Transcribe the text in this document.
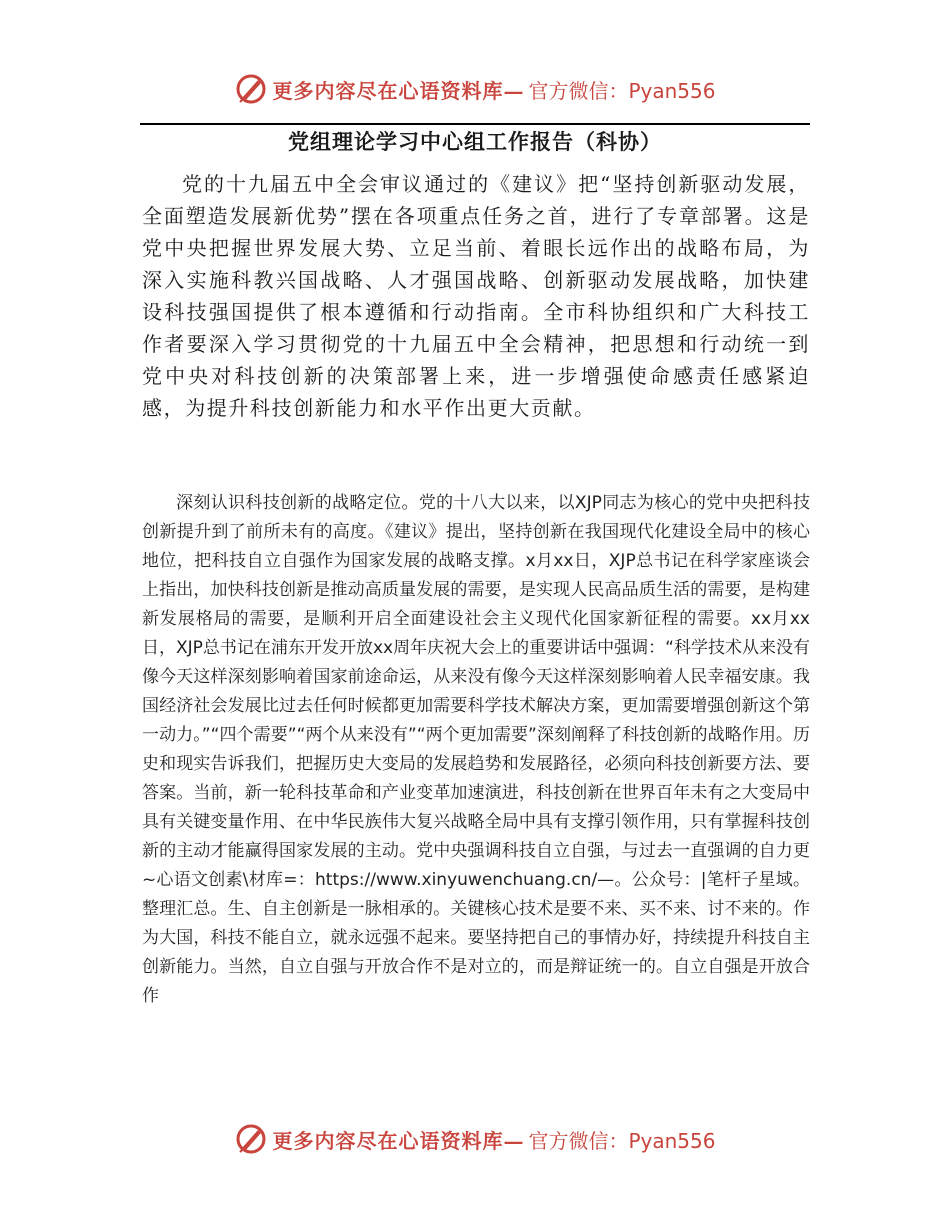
更多内容尽在心语资料库— 官方微信：Pyan556
党组理论学习中心组工作报告（科协）

党的十九届五中全会审议通过的《建议》把“坚持创新驱动发展，全面塑造发展新优势”摆在各项重点任务之首，进行了专章部署。这是党中央把握世界发展大势、立足当前、着眼长远作出的战略布局，为深入实施科教兴国战略、人才强国战略、创新驱动发展战略，加快建设科技强国提供了根本遵循和行动指南。全市科协组织和广大科技工作者要深入学习贯彻党的十九届五中全会精神，把思想和行动统一到党中央对科技创新的决策部署上来，进一步增强使命感责任感紧迫感，为提升科技创新能力和水平作出更大贡献。

深刻认识科技创新的战略定位。党的十八大以来，以XJP同志为核心的党中央把科技创新提升到了前所未有的高度。《建议》提出，坚持创新在我国现代化建设全局中的核心地位，把科技自立自强作为国家发展的战略支撑。x月xx日，XJP总书记在科学家座谈会上指出，加快科技创新是推动高质量发展的需要，是实现人民高品质生活的需要，是构建新发展格局的需要，是顺利开启全面建设社会主义现代化国家新征程的需要。xx月xx日，XJP总书记在浦东开发开放xx周年庆祝大会上的重要讲话中强调：“科学技术从来没有像今天这样深刻影响着国家前途命运，从来没有像今天这样深刻影响着人民幸福安康。我国经济社会发展比过去任何时候都更加需要科学技术解决方案，更加需要增强创新这个第一动力。”“四个需要”“两个从来没有”“两个更加需要”深刻阐释了科技创新的战略作用。历史和现实告诉我们，把握历史大变局的发展趋势和发展路径，必须向科技创新要方法、要答案。当前，新一轮科技革命和产业变革加速演进，科技创新在世界百年未有之大变局中具有关键变量作用、在中华民族伟大复兴战略全局中具有支撑引领作用，只有掌握科技创新的主动才能赢得国家发展的主动。党中央强调科技自立自强，与过去一直强调的自力更~心语文创素\材库=：https://www.xinyuwenchuang.cn/—。公众号：|笔杆子星域。整理汇总。生、自主创新是一脉相承的。关键核心技术是要不来、买不来、讨不来的。作为大国，科技不能自立，就永远强不起来。要坚持把自己的事情办好，持续提升科技自主创新能力。当然，自立自强与开放合作不是对立的，而是辩证统一的。自立自强是开放合作

更多内容尽在心语资料库— 官方微信：Pyan556
